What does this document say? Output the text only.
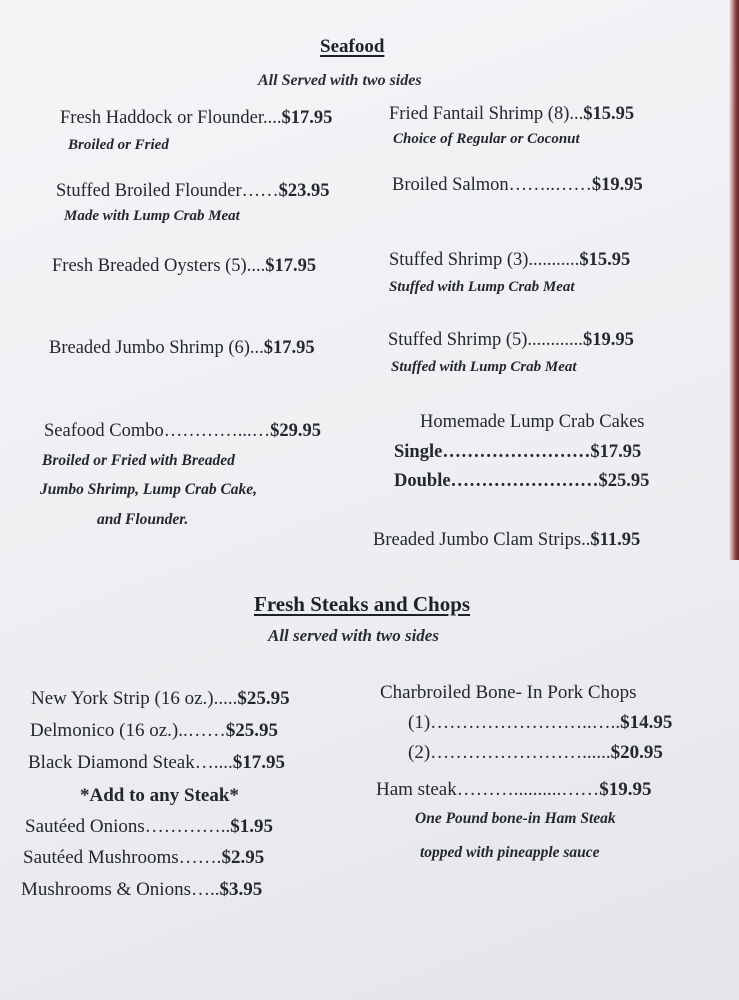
Seafood
All Served with two sides
Fresh Haddock or Flounder....$17.95
Broiled or Fried
Stuffed Broiled Flounder……$23.95
Made with Lump Crab Meat
Fresh Breaded Oysters (5)....$17.95
Breaded Jumbo Shrimp (6)...$17.95
Seafood Combo…………...…$29.95
Broiled or Fried with Breaded
Jumbo Shrimp, Lump Crab Cake,
and Flounder.
Fried Fantail Shrimp (8)...$15.95
Choice of Regular or Coconut
Broiled Salmon……..……$19.95
Stuffed Shrimp (3)...........$15.95
Stuffed with Lump Crab Meat
Stuffed Shrimp (5)............$19.95
Stuffed with Lump Crab Meat
Homemade Lump Crab Cakes
Single……………………$17.95
Double……………………$25.95
Breaded Jumbo Clam Strips..$11.95
Fresh Steaks and Chops
All served with two sides
New York Strip (16 oz.).....$25.95
Delmonico (16 oz.)..……$25.95
Black Diamond Steak…....$17.95
*Add to any Steak*
Sautéed Onions…………..$1.95
Sautéed Mushrooms…….$2.95
Mushrooms & Onions…..$3.95
Charbroiled Bone- In Pork Chops
(1)……………………..…..$14.95
(2)……………………......$20.95
Ham steak………..........……$19.95
One Pound bone-in Ham Steak
topped with pineapple sauce
